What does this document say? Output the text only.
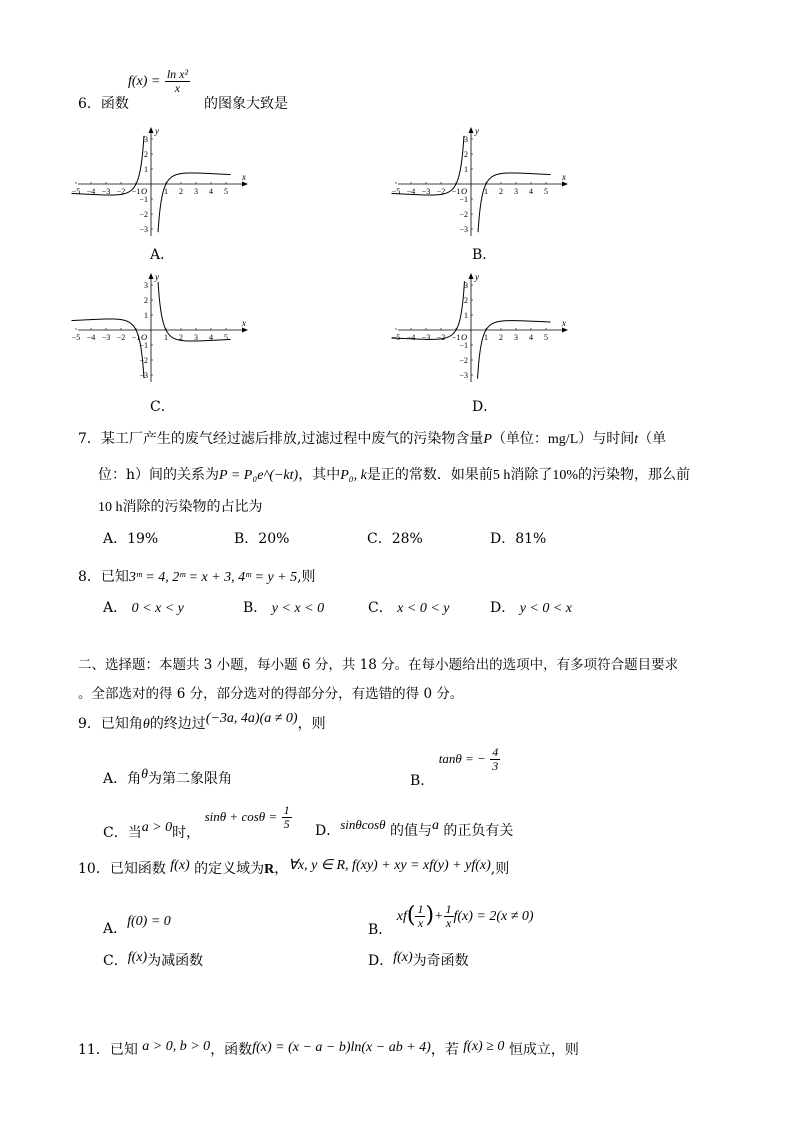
6．函数
$f(x) = \frac{\text{ln x²}}{x}$
的图象大致是
−5 −4 −3 −2 −1	1 2 3 4 5
3
2
1
−1
−2
−3
x
y
O	−5 −4 −3 −2 −1	1 2 3 4 5
3
2
1
−1
−2
−3
x
y
O
−5 −4 −3 −2 −1	1 2 3 4 5
3
2
1
−1
−2
−3
x
y
O	−5 −4 −3 −2 −1	1 2 3 4 5
3
2
1
−1
−2
−3
x
y
O
A．	B．
C．	D．
7．某工厂产生的废气经过滤后排放,过滤过程中废气的污染物含量P（单位：mg/L）与时间t（单
位：h）间的关系为P = P₀e^(−kt)，其中P₀, k是正的常数．如果前5 h消除了10%的污染物，那么前
10 h消除的污染物的占比为
A．19%	B．20%	C．28%	D．81%
8．已知3ᵐ = 4, 2ᵐ = x + 3, 4ᵐ = y + 5,则
A． 0 < x < y	B． y < x < 0	C． x < 0 < y	D． y < 0 < x
二、选择题：本题共 3 小题，每小题 6 分，共 18 分。在每小题给出的选项中，有多项符合题目要求
。全部选对的得 6 分，部分选对的得部分分，有选错的得 0 分。
9．已知角θ的终边过(−3a, 4a)(a ≠ 0)，则
A．角θ为第二象限角	B． tanθ = − $\frac{4}{3}$
C．当a > 0时， $\sin\theta + \cos\theta = \frac{1}{5}$
D．sinθcosθ 的值与a 的正负有关
10．已知函数 f(x) 的定义域为R，∀x, y ∈ R, f(xy) + xy = xf(y) + yf(x),则
A．f(0) = 0
B． $xf( \frac{1}{x}$ )+ $\frac{1}{x} f(x) = 2(x \ne 0)$
C．f(x)为减函数	D．f(x)为奇函数
11．已知 a > 0, b > 0，函数f(x) = (x − a − b)ln(x − ab + 4)，若 f(x) ≥ 0 恒成立，则
